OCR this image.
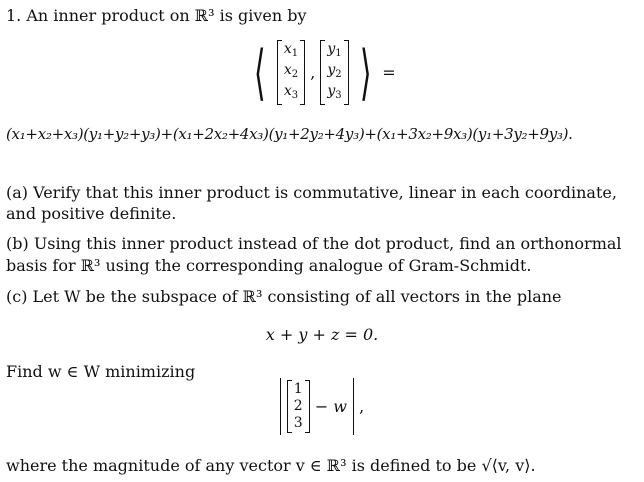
1. An inner product on ℝ³ is given by
⟨ $x_1$
$x_2$
$x_3$
,
$y_1$
$y_2$
$y_3$ ⟩ =
(x₁+x₂+x₃)(y₁+y₂+y₃)+(x₁+2x₂+4x₃)(y₁+2y₂+4y₃)+(x₁+3x₂+9x₃)(y₁+3y₂+9y₃).
(a) Verify that this inner product is commutative, linear in each coordinate,
and positive definite.
(b) Using this inner product instead of the dot product, find an orthonormal
basis for ℝ³ using the corresponding analogue of Gram-Schmidt.
(c) Let W be the subspace of ℝ³ consisting of all vectors in the plane
x + y + z = 0.
Find w ∈ W minimizing
1
2
3
− w ,
where the magnitude of any vector v ∈ ℝ³ is defined to be √⟨v, v⟩.
